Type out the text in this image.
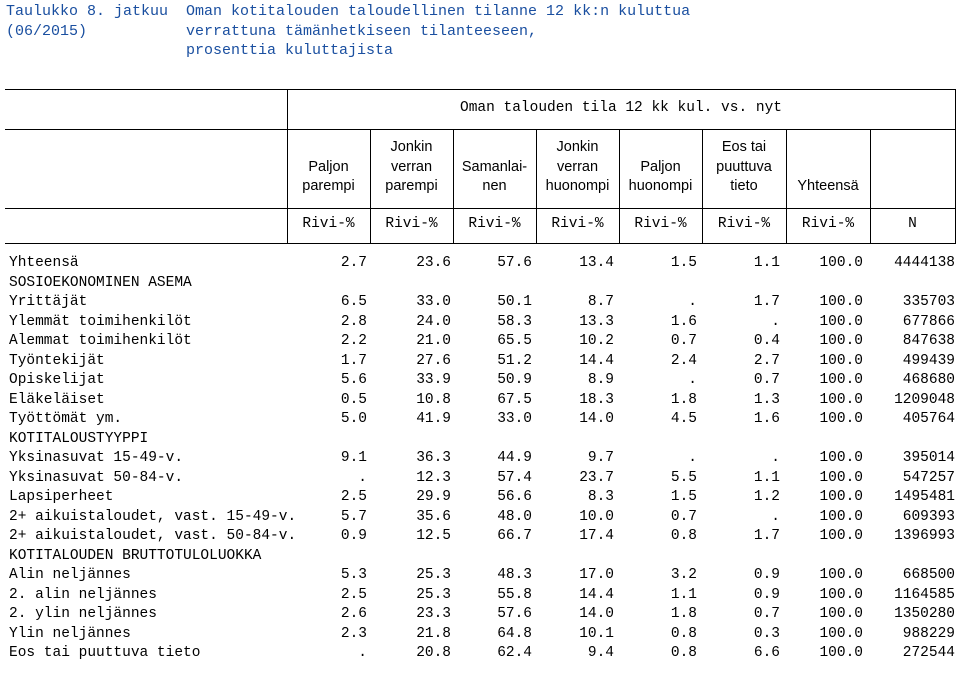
Taulukko 8. jatkuu
(06/2015)
Oman kotitalouden taloudellinen tilanne 12 kk:n kuluttua
verrattuna tämänhetkiseen tilanteeseen,
prosenttia kuluttajista
Oman talouden tila 12 kk kul. vs. nyt

Paljon
parempi
Jonkin
verran
parempi

Samanlai-
nen
Jonkin
verran
huonompi

Paljon
huonompi
Eos tai
puuttuva
tieto	Yhteensä
Rivi-%	Rivi-%	Rivi-%	Rivi-%	Rivi-%	Rivi-%	Rivi-%	N
Yhteensä	2.7	23.6	57.6	13.4	1.5	1.1	100.0 4444138
SOSIOEKONOMINEN ASEMA
Yrittäjät	6.5	33.0	50.1	8.7	.	1.7	100.0	335703
Ylemmät toimihenkilöt	2.8	24.0	58.3	13.3	1.6	.	100.0	677866
Alemmat toimihenkilöt	2.2	21.0	65.5	10.2	0.7	0.4	100.0	847638
Työntekijät	1.7	27.6	51.2	14.4	2.4	2.7	100.0	499439
Opiskelijat	5.6	33.9	50.9	8.9	.	0.7	100.0	468680
Eläkeläiset	0.5	10.8	67.5	18.3	1.8	1.3	100.0 1209048
Työttömät ym.	5.0	41.9	33.0	14.0	4.5	1.6	100.0	405764
KOTITALOUSTYYPPI
Yksinasuvat 15-49-v.	9.1	36.3	44.9	9.7	.	.	100.0	395014
Yksinasuvat 50-84-v.	.	12.3	57.4	23.7	5.5	1.1	100.0	547257
Lapsiperheet	2.5	29.9	56.6	8.3	1.5	1.2	100.0 1495481
2+ aikuistaloudet, vast. 15-49-v.	5.7	35.6	48.0	10.0	0.7	.	100.0	609393
2+ aikuistaloudet, vast. 50-84-v.	0.9	12.5	66.7	17.4	0.8	1.7	100.0 1396993
KOTITALOUDEN BRUTTOTULOLUOKKA
Alin neljännes	5.3	25.3	48.3	17.0	3.2	0.9	100.0	668500
2. alin neljännes	2.5	25.3	55.8	14.4	1.1	0.9	100.0 1164585
2. ylin neljännes	2.6	23.3	57.6	14.0	1.8	0.7	100.0 1350280
Ylin neljännes	2.3	21.8	64.8	10.1	0.8	0.3	100.0	988229
Eos tai puuttuva tieto	.	20.8	62.4	9.4	0.8	6.6	100.0	272544
